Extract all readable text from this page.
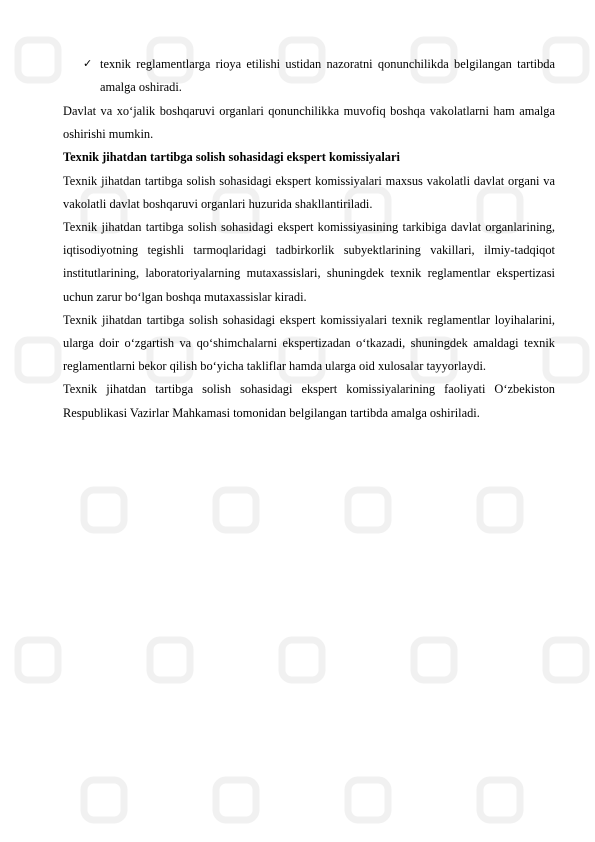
✓ texnik reglamentlarga rioya etilishi ustidan nazoratni qonunchilikda belgilangan tartibda amalga oshiradi.

Davlat va xo‘jalik boshqaruvi organlari qonunchilikka muvofiq boshqa vakolatlarni ham amalga oshirishi mumkin.

Texnik jihatdan tartibga solish sohasidagi ekspert komissiyalari

Texnik jihatdan tartibga solish sohasidagi ekspert komissiyalari maxsus vakolatli davlat organi va vakolatli davlat boshqaruvi organlari huzurida shakllantiriladi.

Texnik jihatdan tartibga solish sohasidagi ekspert komissiyasining tarkibiga davlat organlarining, iqtisodiyotning tegishli tarmoqlaridagi tadbirkorlik subyektlarining vakillari, ilmiy-tadqiqot institutlarining, laboratoriyalarning mutaxassislari, shuningdek texnik reglamentlar ekspertizasi uchun zarur bo‘lgan boshqa mutaxassislar kiradi.

Texnik jihatdan tartibga solish sohasidagi ekspert komissiyalari texnik reglamentlar loyihalarini, ularga doir o‘zgartish va qo‘shimchalarni ekspertizadan o‘tkazadi, shuningdek amaldagi texnik reglamentlarni bekor qilish bo‘yicha takliflar hamda ularga oid xulosalar tayyorlaydi.

Texnik jihatdan tartibga solish sohasidagi ekspert komissiyalarining faoliyati O‘zbekiston Respublikasi Vazirlar Mahkamasi tomonidan belgilangan tartibda amalga oshiriladi.
